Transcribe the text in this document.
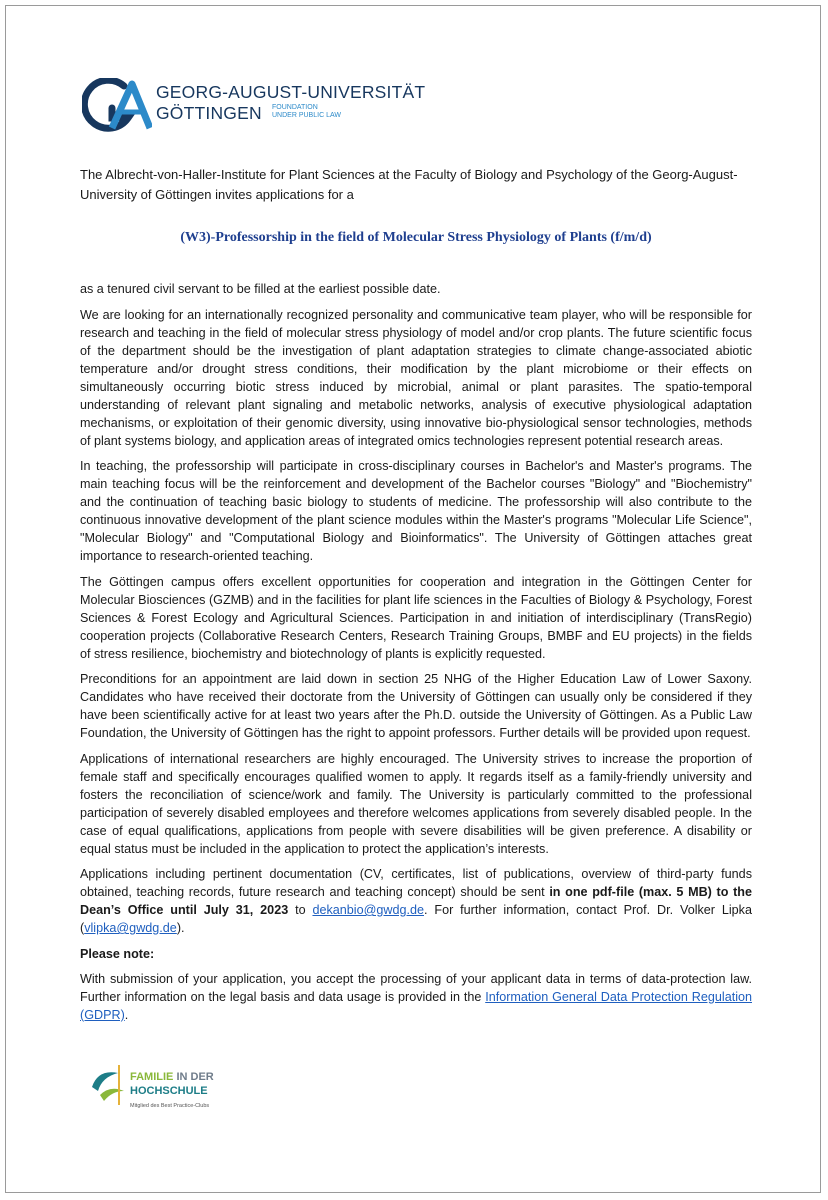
GEORG-AUGUST-UNIVERSITÄT
GÖTTINGEN FOUNDATION
UNDER PUBLIC LAW
The Albrecht-von-Haller-Institute for Plant Sciences at the Faculty of Biology and Psychology of the Georg-August-University of Göttingen invites applications for a
(W3)-Professorship in the field of Molecular Stress Physiology of Plants (f/m/d)

as a tenured civil servant to be filled at the earliest possible date.

We are looking for an internationally recognized personality and communicative team player, who will be responsible for research and teaching in the field of molecular stress physiology of model and/or crop plants. The future scientific focus of the department should be the investigation of plant adaptation strategies to climate change-associated abiotic temperature and/or drought stress conditions, their modification by the plant microbiome or their effects on simultaneously occurring biotic stress induced by microbial, animal or plant parasites. The spatio-temporal understanding of relevant plant signaling and metabolic networks, analysis of executive physiological adaptation mechanisms, or exploitation of their genomic diversity, using innovative bio-physiological sensor technologies, methods of plant systems biology, and application areas of integrated omics technologies represent potential research areas.

In teaching, the professorship will participate in cross-disciplinary courses in Bachelor's and Master's programs. The main teaching focus will be the reinforcement and development of the Bachelor courses "Biology" and "Biochemistry" and the continuation of teaching basic biology to students of medicine. The professorship will also contribute to the continuous innovative development of the plant science modules within the Master's programs "Molecular Life Science", "Molecular Biology" and "Computational Biology and Bioinformatics". The University of Göttingen attaches great importance to research-oriented teaching.

The Göttingen campus offers excellent opportunities for cooperation and integration in the Göttingen Center for Molecular Biosciences (GZMB) and in the facilities for plant life sciences in the Faculties of Biology & Psychology, Forest Sciences & Forest Ecology and Agricultural Sciences. Participation in and initiation of interdisciplinary (TransRegio) cooperation projects (Collaborative Research Centers, Research Training Groups, BMBF and EU projects) in the fields of stress resilience, biochemistry and biotechnology of plants is explicitly requested.

Preconditions for an appointment are laid down in section 25 NHG of the Higher Education Law of Lower Saxony. Candidates who have received their doctorate from the University of Göttingen can usually only be considered if they have been scientifically active for at least two years after the Ph.D. outside the University of Göttingen. As a Public Law Foundation, the University of Göttingen has the right to appoint professors. Further details will be provided upon request.

Applications of international researchers are highly encouraged. The University strives to increase the proportion of female staff and specifically encourages qualified women to apply. It regards itself as a family-friendly university and fosters the reconciliation of science/work and family. The University is particularly committed to the professional participation of severely disabled employees and therefore welcomes applications from severely disabled people. In the case of equal qualifications, applications from people with severe disabilities will be given preference. A disability or equal status must be included in the application to protect the application’s interests.

Applications including pertinent documentation (CV, certificates, list of publications, overview of third-party funds obtained, teaching records, future research and teaching concept) should be sent in one pdf-file (max. 5 MB) to the Dean’s Office until July 31, 2023 to dekanbio@gwdg.de. For further information, contact Prof. Dr. Volker Lipka (vlipka@gwdg.de).

Please note:

With submission of your application, you accept the processing of your applicant data in terms of data-protection law. Further information on the legal basis and data usage is provided in the Information General Data Protection Regulation (GDPR).

FAMILIE IN DER
HOCHSCHULE
Mitglied des Best Practice-Clubs
